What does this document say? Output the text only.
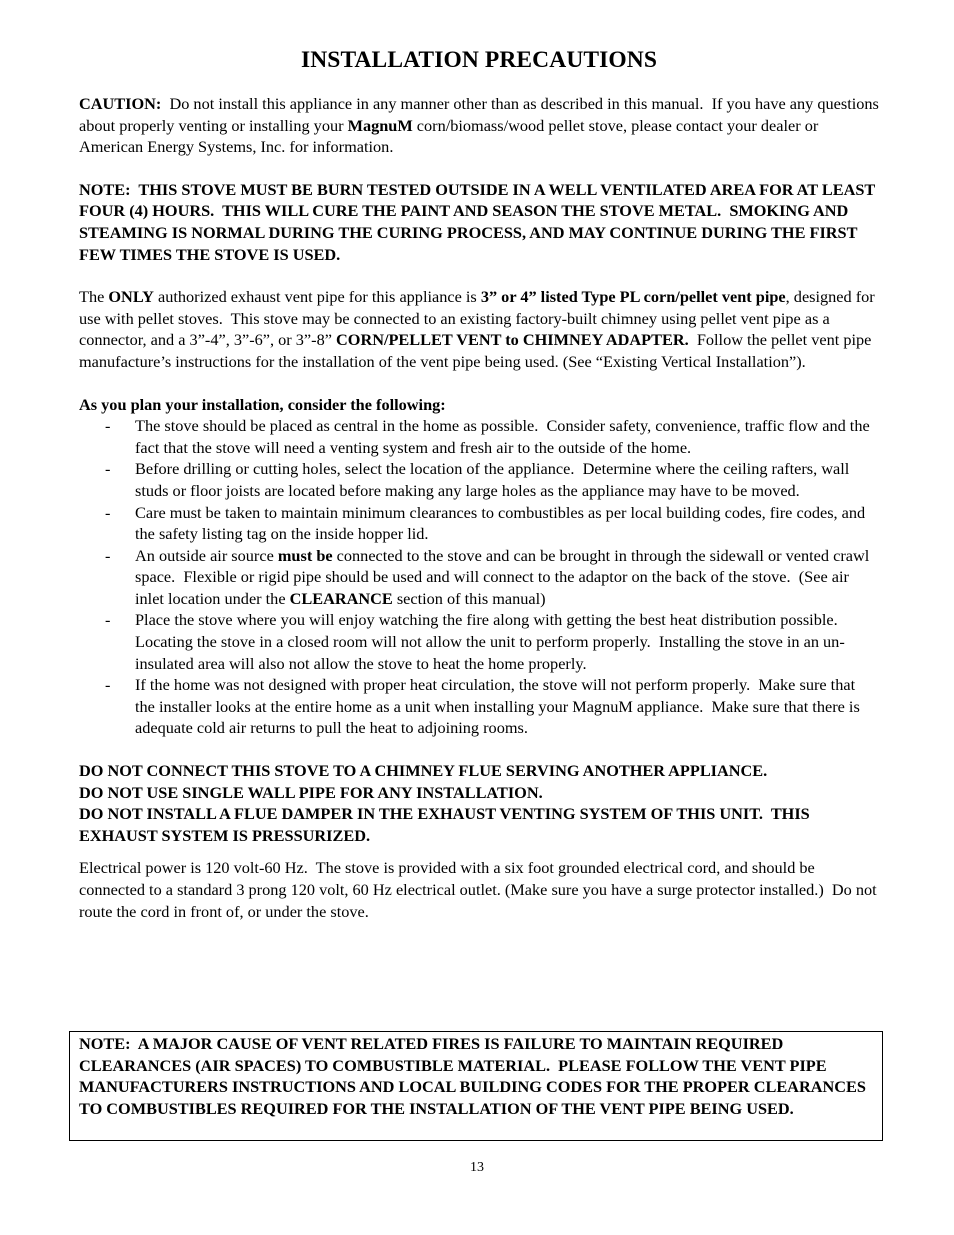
INSTALLATION PRECAUTIONS

CAUTION:  Do not install this appliance in any manner other than as described in this manual.  If you have any questions about properly venting or installing your MagnuM corn/biomass/wood pellet stove, please contact your dealer or American Energy Systems, Inc. for information.

NOTE:  THIS STOVE MUST BE BURN TESTED OUTSIDE IN A WELL VENTILATED AREA FOR AT LEAST FOUR (4) HOURS.  THIS WILL CURE THE PAINT AND SEASON THE STOVE METAL.  SMOKING AND STEAMING IS NORMAL DURING THE CURING PROCESS, AND MAY CONTINUE DURING THE FIRST FEW TIMES THE STOVE IS USED.

The ONLY authorized exhaust vent pipe for this appliance is 3” or 4” listed Type PL corn/pellet vent pipe, designed for use with pellet stoves.  This stove may be connected to an existing factory-built chimney using pellet vent pipe as a connector, and a 3”-4”, 3”-6”, or 3”-8” CORN/PELLET VENT to CHIMNEY ADAPTER.  Follow the pellet vent pipe manufacture’s instructions for the installation of the vent pipe being used. (See “Existing Vertical Installation”).

As you plan your installation, consider the following:

- The stove should be placed as central in the home as possible.  Consider safety, convenience, traffic flow and the fact that the stove will need a venting system and fresh air to the outside of the home.
- Before drilling or cutting holes, select the location of the appliance.  Determine where the ceiling rafters, wall studs or floor joists are located before making any large holes as the appliance may have to be moved.
- Care must be taken to maintain minimum clearances to combustibles as per local building codes, fire codes, and the safety listing tag on the inside hopper lid.
- An outside air source must be connected to the stove and can be brought in through the sidewall or vented crawl space.  Flexible or rigid pipe should be used and will connect to the adaptor on the back of the stove.  (See air inlet location under the CLEARANCE section of this manual)
- Place the stove where you will enjoy watching the fire along with getting the best heat distribution possible.  Locating the stove in a closed room will not allow the unit to perform properly.  Installing the stove in an un-insulated area will also not allow the stove to heat the home properly.
- If the home was not designed with proper heat circulation, the stove will not perform properly.  Make sure that the installer looks at the entire home as a unit when installing your MagnuM appliance.  Make sure that there is adequate cold air returns to pull the heat to adjoining rooms.

DO NOT CONNECT THIS STOVE TO A CHIMNEY FLUE SERVING ANOTHER APPLIANCE.

DO NOT USE SINGLE WALL PIPE FOR ANY INSTALLATION.

DO NOT INSTALL A FLUE DAMPER IN THE EXHAUST VENTING SYSTEM OF THIS UNIT.  THIS EXHAUST SYSTEM IS PRESSURIZED.

Electrical power is 120 volt-60 Hz.  The stove is provided with a six foot grounded electrical cord, and should be connected to a standard 3 prong 120 volt, 60 Hz electrical outlet. (Make sure you have a surge protector installed.)  Do not route the cord in front of, or under the stove.

NOTE:  A MAJOR CAUSE OF VENT RELATED FIRES IS FAILURE TO MAINTAIN REQUIRED CLEARANCES (AIR SPACES) TO COMBUSTIBLE MATERIAL.  PLEASE FOLLOW THE VENT PIPE MANUFACTURERS INSTRUCTIONS AND LOCAL BUILDING CODES FOR THE PROPER CLEARANCES TO COMBUSTIBLES REQUIRED FOR THE INSTALLATION OF THE VENT PIPE BEING USED.

13
